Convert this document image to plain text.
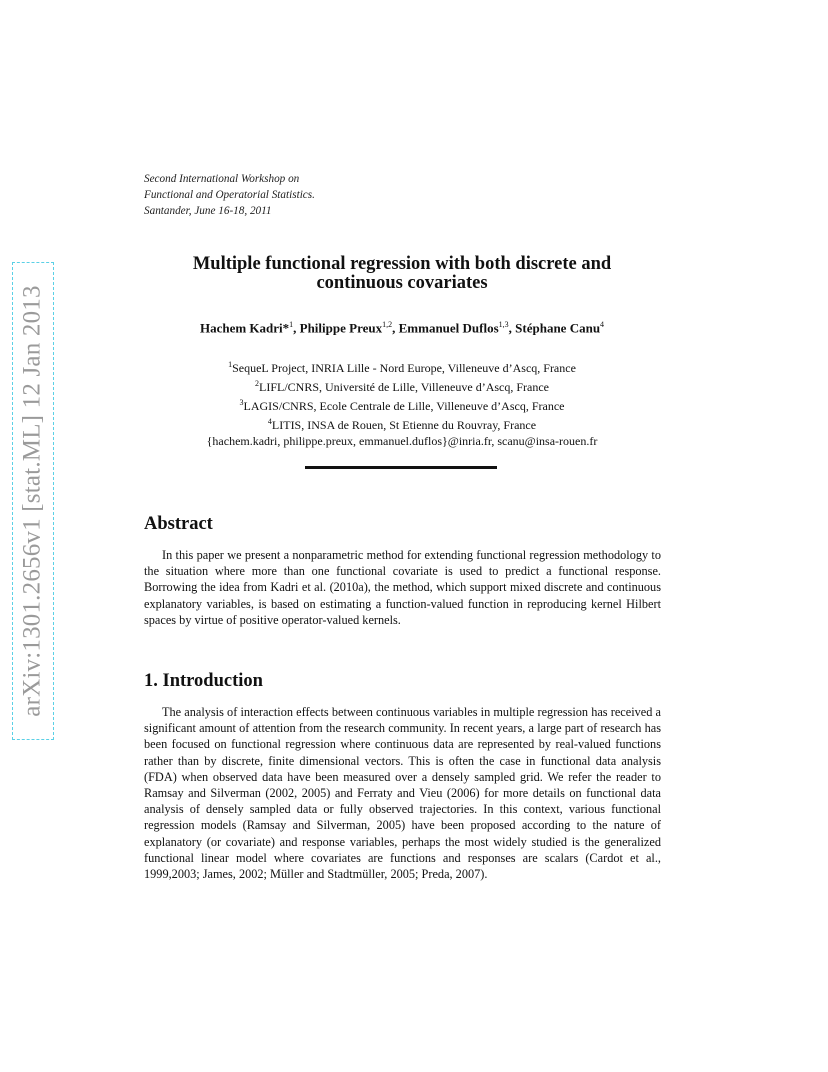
arXiv:1301.2656v1 [stat.ML] 12 Jan 2013
Second International Workshop on
Functional and Operatorial Statistics.
Santander, June 16-18, 2011
Multiple functional regression with both discrete and
continuous covariates
Hachem Kadri*$^1$, Philippe Preux$^{1,2}$, Emmanuel Duflos$^{1,3}$, Stéphane Canu$^4$
$^1$SequeL Project, INRIA Lille - Nord Europe, Villeneuve d’Ascq, France
$^2$LIFL/CNRS, Université de Lille, Villeneuve d’Ascq, France
$^3$LAGIS/CNRS, Ecole Centrale de Lille, Villeneuve d’Ascq, France
$^4$LITIS, INSA de Rouen, St Etienne du Rouvray, France
{hachem.kadri, philippe.preux, emmanuel.duflos}@inria.fr, scanu@insa-rouen.fr
Abstract
In this paper we present a nonparametric method for extending functional regression methodology to the situation where more than one functional covariate is used to predict a functional response. Borrowing the idea from Kadri et al. (2010a), the method, which support mixed discrete and continuous explanatory variables, is based on estimating a function-valued function in reproducing kernel Hilbert spaces by virtue of positive operator-valued kernels.
1. Introduction
The analysis of interaction effects between continuous variables in multiple regression has received a significant amount of attention from the research community. In recent years, a large part of research has been focused on functional regression where continuous data are represented by real-valued functions rather than by discrete, finite dimensional vectors. This is often the case in functional data analysis (FDA) when observed data have been measured over a densely sampled grid. We refer the reader to Ramsay and Silverman (2002, 2005) and Ferraty and Vieu (2006) for more details on functional data analysis of densely sampled data or fully observed trajectories. In this context, various functional regression models (Ramsay and Silverman, 2005) have been proposed according to the nature of explanatory (or covariate) and response variables, perhaps the most widely studied is the generalized functional linear model where covariates are functions and responses are scalars (Cardot et al., 1999,2003; James, 2002; Müller and Stadtmüller, 2005; Preda, 2007).
